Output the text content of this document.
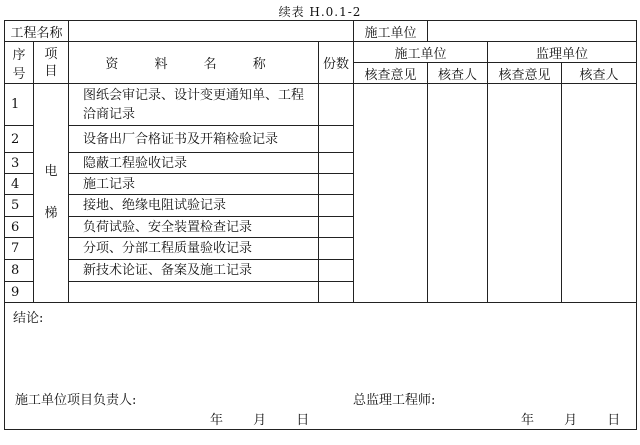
续表 H.0.1-2
工程名称				施工单位			
序号	项目	资 料 名 称	份数	施工单位		监理单位	
				核查意见	核查人	核查意见	核查人
1	电梯	图纸会审记录、设计变更通知单、工程洽商记录					
2		设备出厂合格证书及开箱检验记录					
3		隐蔽工程验收记录					
4		施工记录					
5		接地、绝缘电阻试验记录					
6		负荷试验、安全装置检查记录					
7		分项、分部工程质量验收记录					
8		新技术论证、备案及施工记录					
9							

结论:
施工单位项目负责人: 总监理工程师:
年 月 日 年 月 日							
